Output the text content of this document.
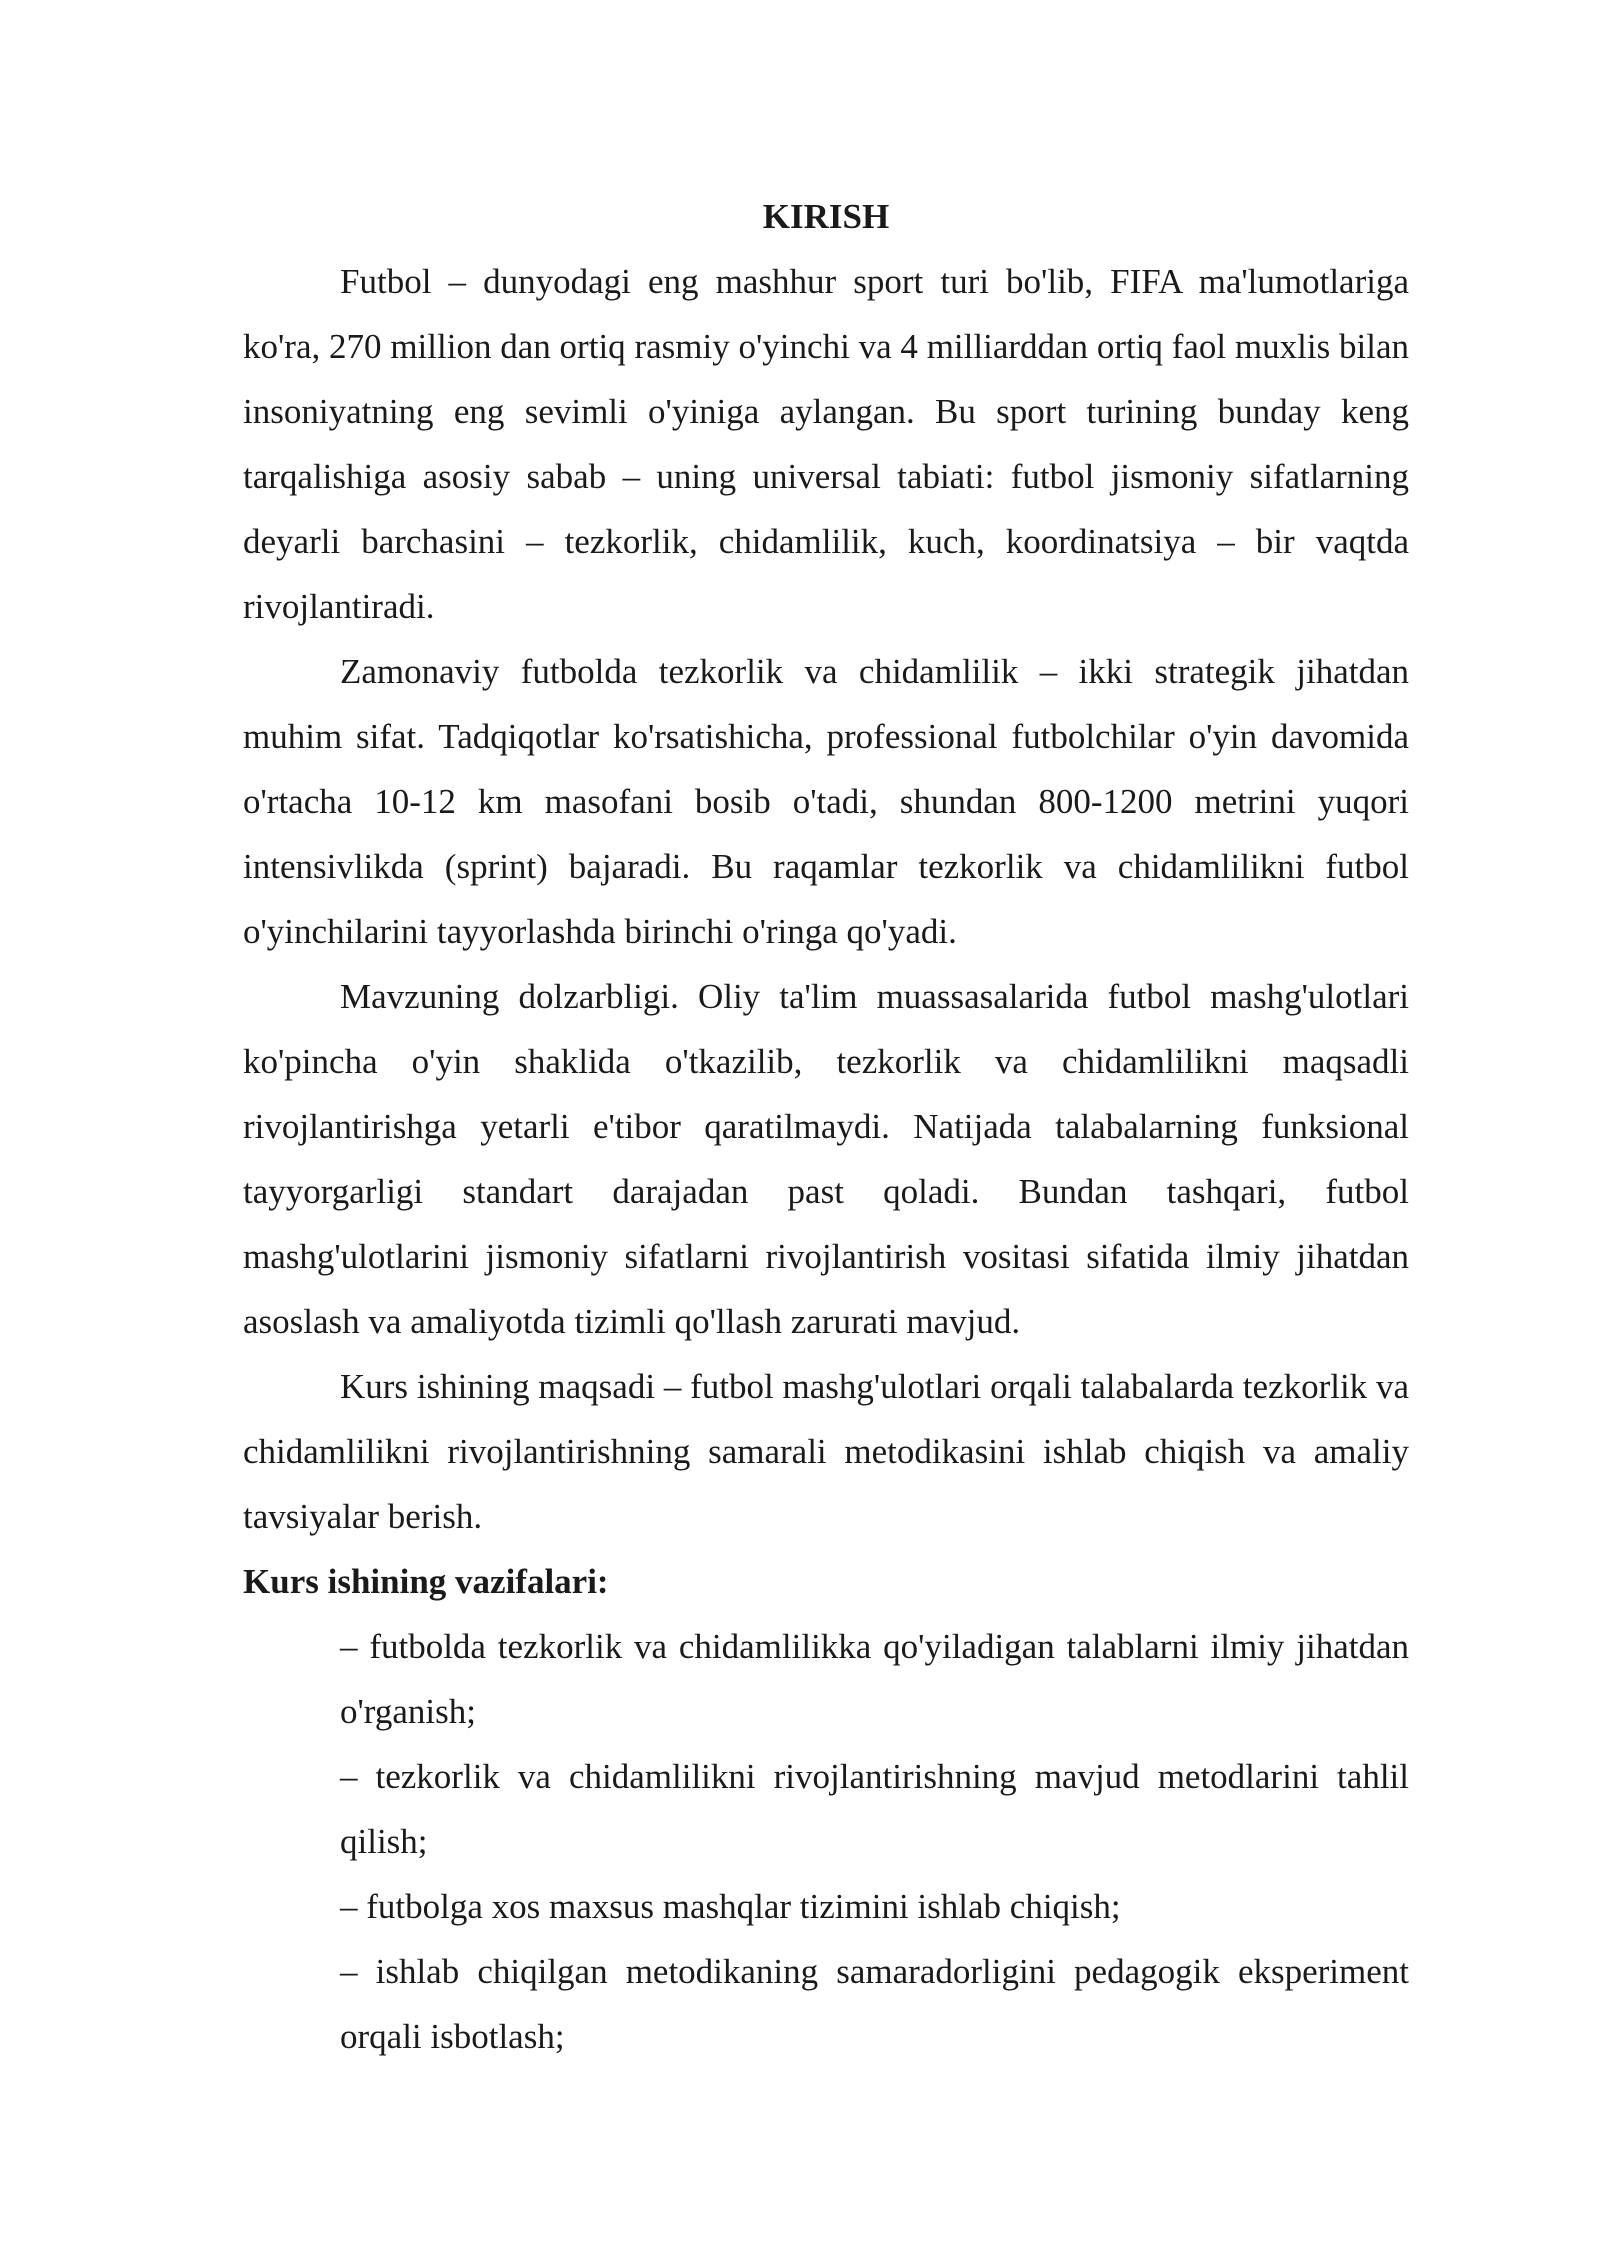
KIRISH

Futbol – dunyodagi eng mashhur sport turi bo'lib, FIFA ma'lumotlariga ko'ra, 270 million dan ortiq rasmiy o'yinchi va 4 milliarddan ortiq faol muxlis bilan insoniyatning eng sevimli o'yiniga aylangan. Bu sport turining bunday keng tarqalishiga asosiy sabab – uning universal tabiati: futbol jismoniy sifatlarning deyarli barchasini – tezkorlik, chidamlilik, kuch, koordinatsiya – bir vaqtda rivojlantiradi.

Zamonaviy futbolda tezkorlik va chidamlilik – ikki strategik jihatdan muhim sifat. Tadqiqotlar ko'rsatishicha, professional futbolchilar o'yin davomida o'rtacha 10-12 km masofani bosib o'tadi, shundan 800-1200 metrini yuqori intensivlikda (sprint) bajaradi. Bu raqamlar tezkorlik va chidamlilikni futbol o'yinchilarini tayyorlashda birinchi o'ringa qo'yadi.

Mavzuning dolzarbligi. Oliy ta'lim muassasalarida futbol mashg'ulotlari ko'pincha o'yin shaklida o'tkazilib, tezkorlik va chidamlilikni maqsadli rivojlantirishga yetarli e'tibor qaratilmaydi. Natijada talabalarning funksional tayyorgarligi standart darajadan past qoladi. Bundan tashqari, futbol mashg'ulotlarini jismoniy sifatlarni rivojlantirish vositasi sifatida ilmiy jihatdan asoslash va amaliyotda tizimli qo'llash zarurati mavjud.

Kurs ishining maqsadi – futbol mashg'ulotlari orqali talabalarda tezkorlik va chidamlilikni rivojlantirishning samarali metodikasini ishlab chiqish va amaliy tavsiyalar berish.

Kurs ishining vazifalari:

– futbolda tezkorlik va chidamlilikka qo'yiladigan talablarni ilmiy jihatdan o'rganish;
– tezkorlik va chidamlilikni rivojlantirishning mavjud metodlarini tahlil qilish;
– futbolga xos maxsus mashqlar tizimini ishlab chiqish;
– ishlab chiqilgan metodikaning samaradorligini pedagogik eksperiment orqali isbotlash;
